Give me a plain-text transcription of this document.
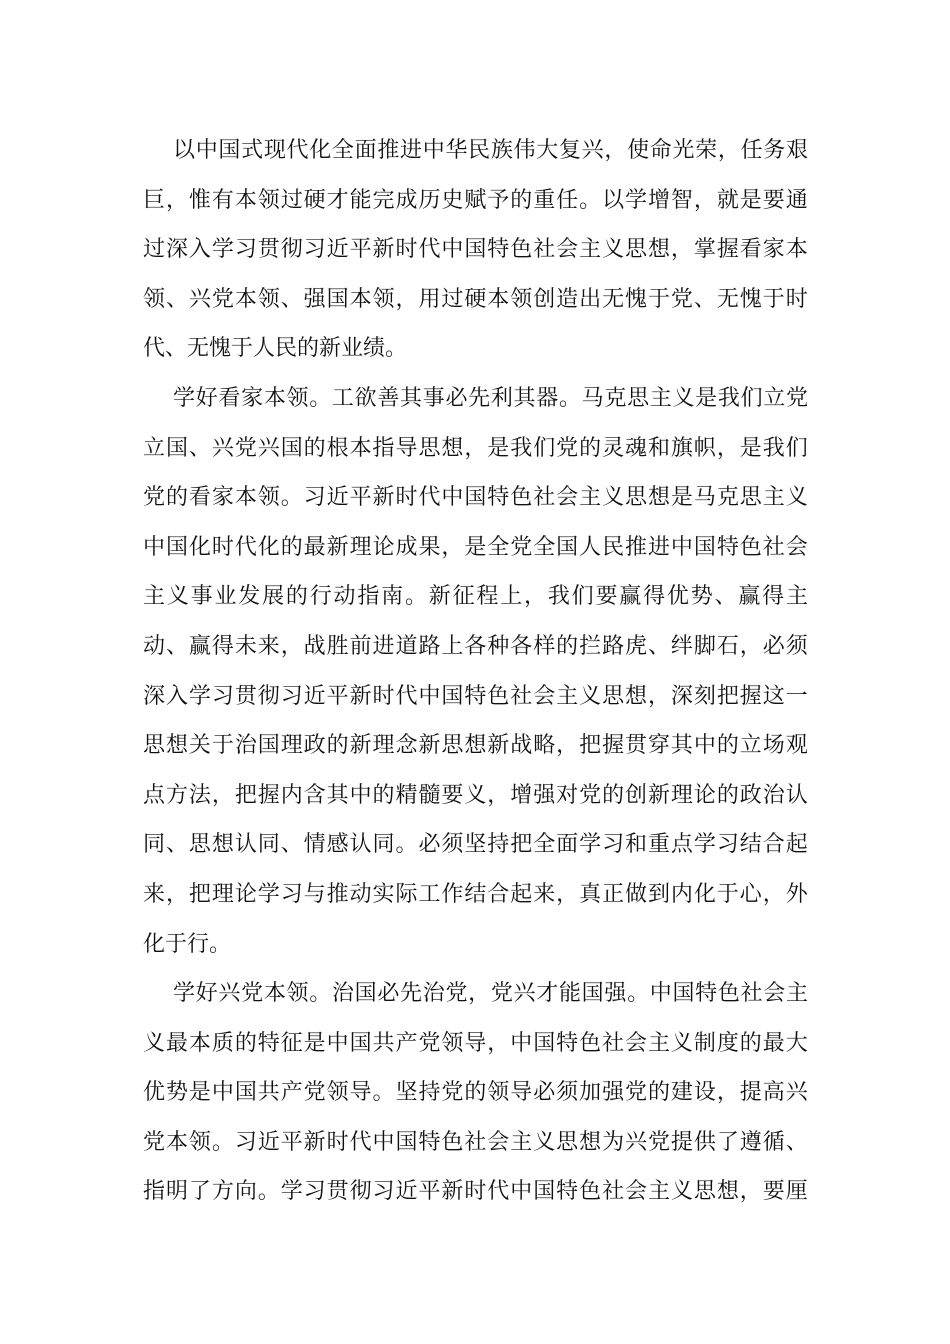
以 中 国 式 现 代 化 全 面 推 进 中 华 民 族 伟 大 复 兴 ， 使 命 光 荣 ， 任 务 艰
巨 ， 惟 有 本 领 过 硬 才 能 完 成 历 史 赋 予 的 重 任 。 以 学 增 智 ， 就 是 要 通
过 深 入 学 习 贯 彻 习 近 平 新 时 代 中 国 特 色 社 会 主 义 思 想 ， 掌 握 看 家 本
领 、 兴 党 本 领 、 强 国 本 领 ， 用 过 硬 本 领 创 造 出 无 愧 于 党 、 无 愧 于 时
代、无愧于人民的新业绩。
学 好 看 家 本 领 。 工 欲 善 其 事 必 先 利 其 器 。 马 克 思 主 义 是 我 们 立 党
立 国 、 兴 党 兴 国 的 根 本 指 导 思 想 ， 是 我 们 党 的 灵 魂 和 旗 帜 ， 是 我 们
党 的 看 家 本 领 。 习 近 平 新 时 代 中 国 特 色 社 会 主 义 思 想 是 马 克 思 主 义
中 国 化 时 代 化 的 最 新 理 论 成 果 ， 是 全 党 全 国 人 民 推 进 中 国 特 色 社 会
主 义 事 业 发 展 的 行 动 指 南 。 新 征 程 上 ， 我 们 要 赢 得 优 势 、 赢 得 主
动 、 赢 得 未 来 ， 战 胜 前 进 道 路 上 各 种 各 样 的 拦 路 虎 、 绊 脚 石 ， 必 须
深 入 学 习 贯 彻 习 近 平 新 时 代 中 国 特 色 社 会 主 义 思 想 ， 深 刻 把 握 这 一
思 想 关 于 治 国 理 政 的 新 理 念 新 思 想 新 战 略 ， 把 握 贯 穿 其 中 的 立 场 观
点 方 法 ， 把 握 内 含 其 中 的 精 髓 要 义 ， 增 强 对 党 的 创 新 理 论 的 政 治 认
同 、 思 想 认 同 、 情 感 认 同 。 必 须 坚 持 把 全 面 学 习 和 重 点 学 习 结 合 起
来 ， 把 理 论 学 习 与 推 动 实 际 工 作 结 合 起 来 ， 真 正 做 到 内 化 于 心 ， 外
化于行。
学 好 兴 党 本 领 。 治 国 必 先 治 党 ， 党 兴 才 能 国 强 。 中 国 特 色 社 会 主
义 最 本 质 的 特 征 是 中 国 共 产 党 领 导 ， 中 国 特 色 社 会 主 义 制 度 的 最 大
优 势 是 中 国 共 产 党 领 导 。 坚 持 党 的 领 导 必 须 加 强 党 的 建 设 ， 提 高 兴
党 本 领 。 习 近 平 新 时 代 中 国 特 色 社 会 主 义 思 想 为 兴 党 提 供 了 遵 循 、
指 明 了 方 向 。 学 习 贯 彻 习 近 平 新 时 代 中 国 特 色 社 会 主 义 思 想 ， 要 厘
